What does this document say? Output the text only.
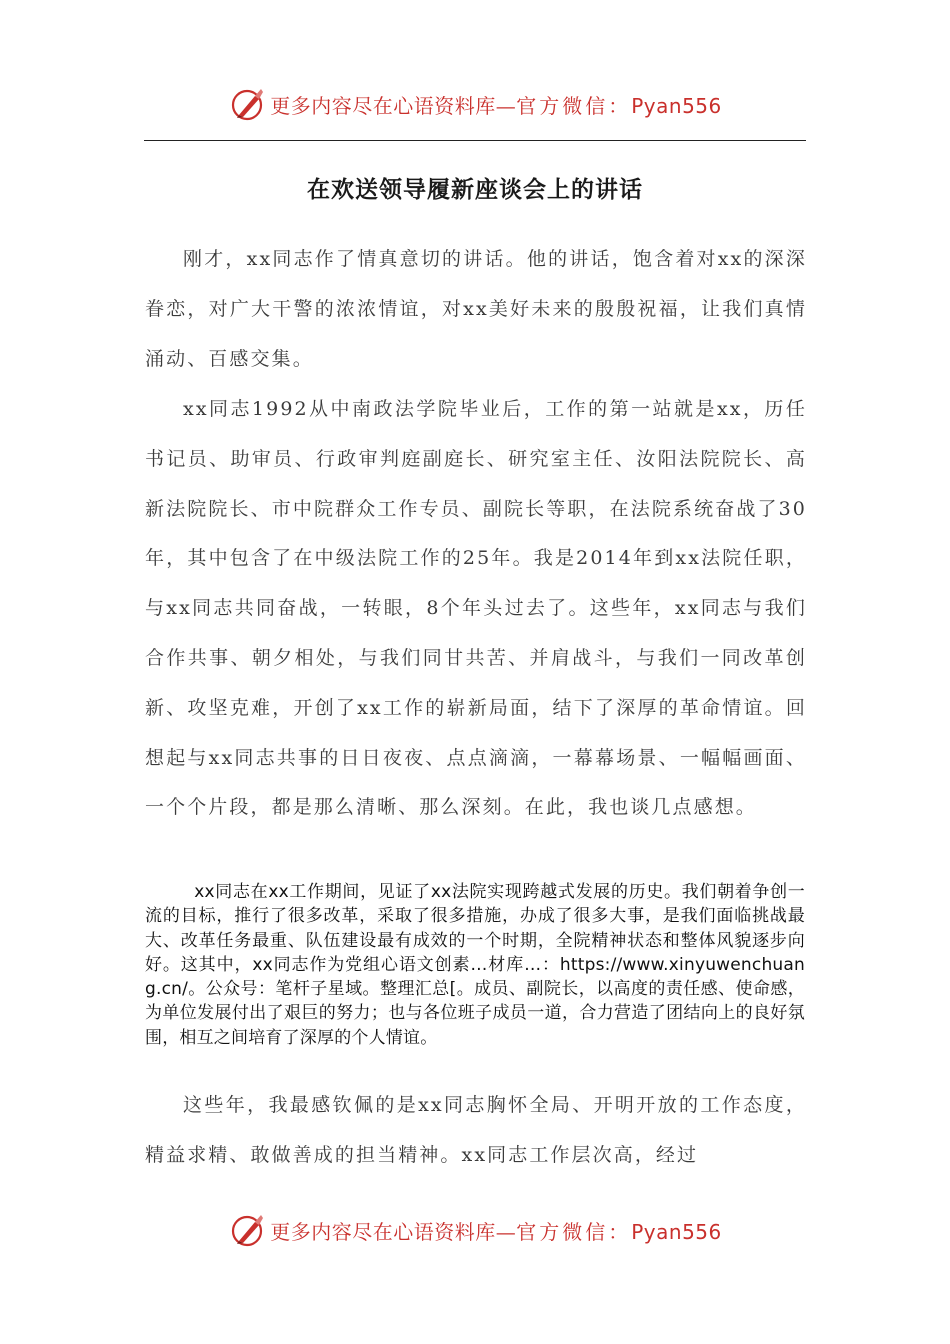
更多内容尽在心语资料库—官方微信：Pyan556
在欢送领导履新座谈会上的讲话

刚才，xx同志作了情真意切的讲话。他的讲话，饱含着对xx的深深眷恋，对广大干警的浓浓情谊，对xx美好未来的殷殷祝福，让我们真情涌动、百感交集。

xx同志1992从中南政法学院毕业后，工作的第一站就是xx，历任书记员、助审员、行政审判庭副庭长、研究室主任、汝阳法院院长、高新法院院长、市中院群众工作专员、副院长等职，在法院系统奋战了30年，其中包含了在中级法院工作的25年。我是2014年到xx法院任职，与xx同志共同奋战，一转眼，8个年头过去了。这些年，xx同志与我们合作共事、朝夕相处，与我们同甘共苦、并肩战斗，与我们一同改革创新、攻坚克难，开创了xx工作的崭新局面，结下了深厚的革命情谊。回想起与xx同志共事的日日夜夜、点点滴滴，一幕幕场景、一幅幅画面、一个个片段，都是那么清晰、那么深刻。在此，我也谈几点感想。

xx同志在xx工作期间，见证了xx法院实现跨越式发展的历史。我们朝着争创一流的目标，推行了很多改革，采取了很多措施，办成了很多大事，是我们面临挑战最大、改革任务最重、队伍建设最有成效的一个时期，全院精神状态和整体风貌逐步向好。这其中，xx同志作为党组心语文创素…材库…：https://www.xinyuwenchuang.cn/。公众号：笔杆子星域。整理汇总[。成员、副院长，以高度的责任感、使命感，为单位发展付出了艰巨的努力；也与各位班子成员一道，合力营造了团结向上的良好氛围，相互之间培育了深厚的个人情谊。

这些年，我最感钦佩的是xx同志胸怀全局、开明开放的工作态度，精益求精、敢做善成的担当精神。xx同志工作层次高，经过

更多内容尽在心语资料库—官方微信：Pyan556
